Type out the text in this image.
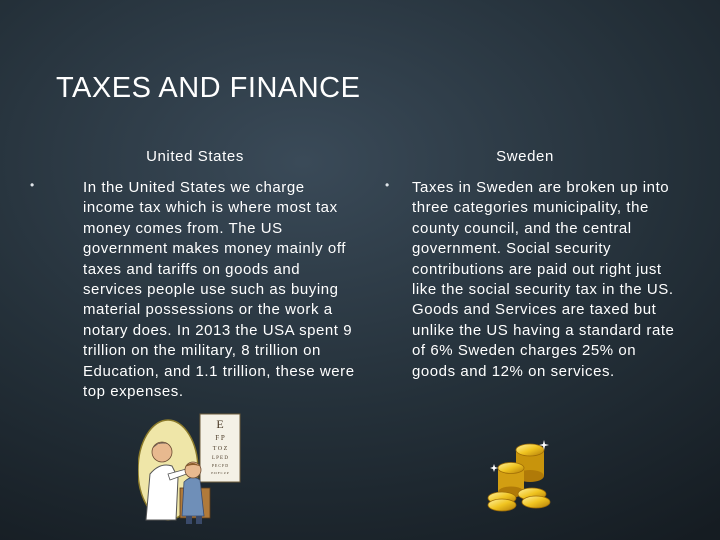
TAXES AND FINANCE
United States	Sweden
•	In the United States we charge income tax which is where most tax money comes from. The US government makes money mainly off taxes and tariffs on goods and services people use such as buying material possessions or the work a notary does. In 2013 the USA spent 9 trillion on the military, 8 trillion on Education, and 1.1 trillion, these were top expenses.

• Taxes in Sweden are broken up into three categories municipality, the county council, and the central government. Social security contributions are paid out right just like the social security tax in the US. Goods and Services are taxed but unlike the US having a standard rate of 6% Sweden charges 25% on goods and 12% on services.

E
F P
T O Z
L P E D
P E C F D
E D F C Z P
